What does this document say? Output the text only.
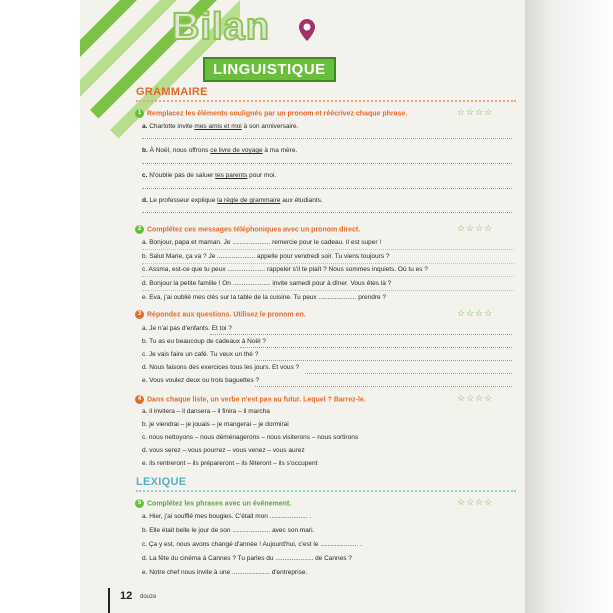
Bilan
LINGUISTIQUE
GRAMMAIRE
1 Remplacez les éléments soulignés par un pronom et réécrivez chaque phrase.	☆☆☆☆
a. Charlotte invite mes amis et moi à son anniversaire.
b. À Noël, nous offrons ce livre de voyage à ma mère.
c. N'oublie pas de saluer tes parents pour moi.
d. Le professeur explique la règle de grammaire aux étudiants.
2 Complétez ces messages téléphoniques avec un pronom direct.	☆☆☆☆
a. Bonjour, papa et maman. Je ..................... remercie pour le cadeau. Il est super !
b. Salut Marie, ça va ? Je ..................... appelle pour vendredi soir. Tu viens toujours ?
c. Assma, est-ce que tu peux ..................... rappeler s'il te plaît ? Nous sommes inquiets. Où tu es ?
d. Bonjour la petite famille ! On ..................... invite samedi pour à dîner. Vous êtes là ?
e. Eva, j'ai oublié mes clés sur la table de la cuisine. Tu peux ..................... prendre ?
3 Répondez aux questions. Utilisez le pronom en.	☆☆☆☆
a. Je n'ai pas d'enfants. Et toi ?
b. Tu as eu beaucoup de cadeaux à Noël ?
c. Je vais faire un café. Tu veux un thé ?
d. Nous faisons des exercices tous les jours. Et vous ?
e. Vous voulez deux ou trois baguettes ?
4 Dans chaque liste, un verbe n'est pas au futur. Lequel ? Barrez-le.	☆☆☆☆
a. il invitera – il dansera – il finira – il marcha
b. je viendrai – je jouais – je mangerai – je dormirai
c. nous nettoyons – nous déménagerons – nous visiterons – nous sortirons
d. vous serez – vous pourrez – vous venez – vous aurez
e. ils rentreront – ils prépareront – ils fêteront – ils s'occupent
LEXIQUE
5 Complétez les phrases avec un événement.	☆☆☆☆
a. Hier, j'ai soufflé mes bougies. C'était mon ..................... .
b. Elle était belle le jour de son ..................... avec son mari.
c. Ça y est, nous avons changé d'année ! Aujourd'hui, c'est le ..................... .
d. La fête du cinéma à Cannes ? Tu parles du ..................... de Cannes ?
e. Notre chef nous invite à une ..................... d'entreprise.
12 douze
